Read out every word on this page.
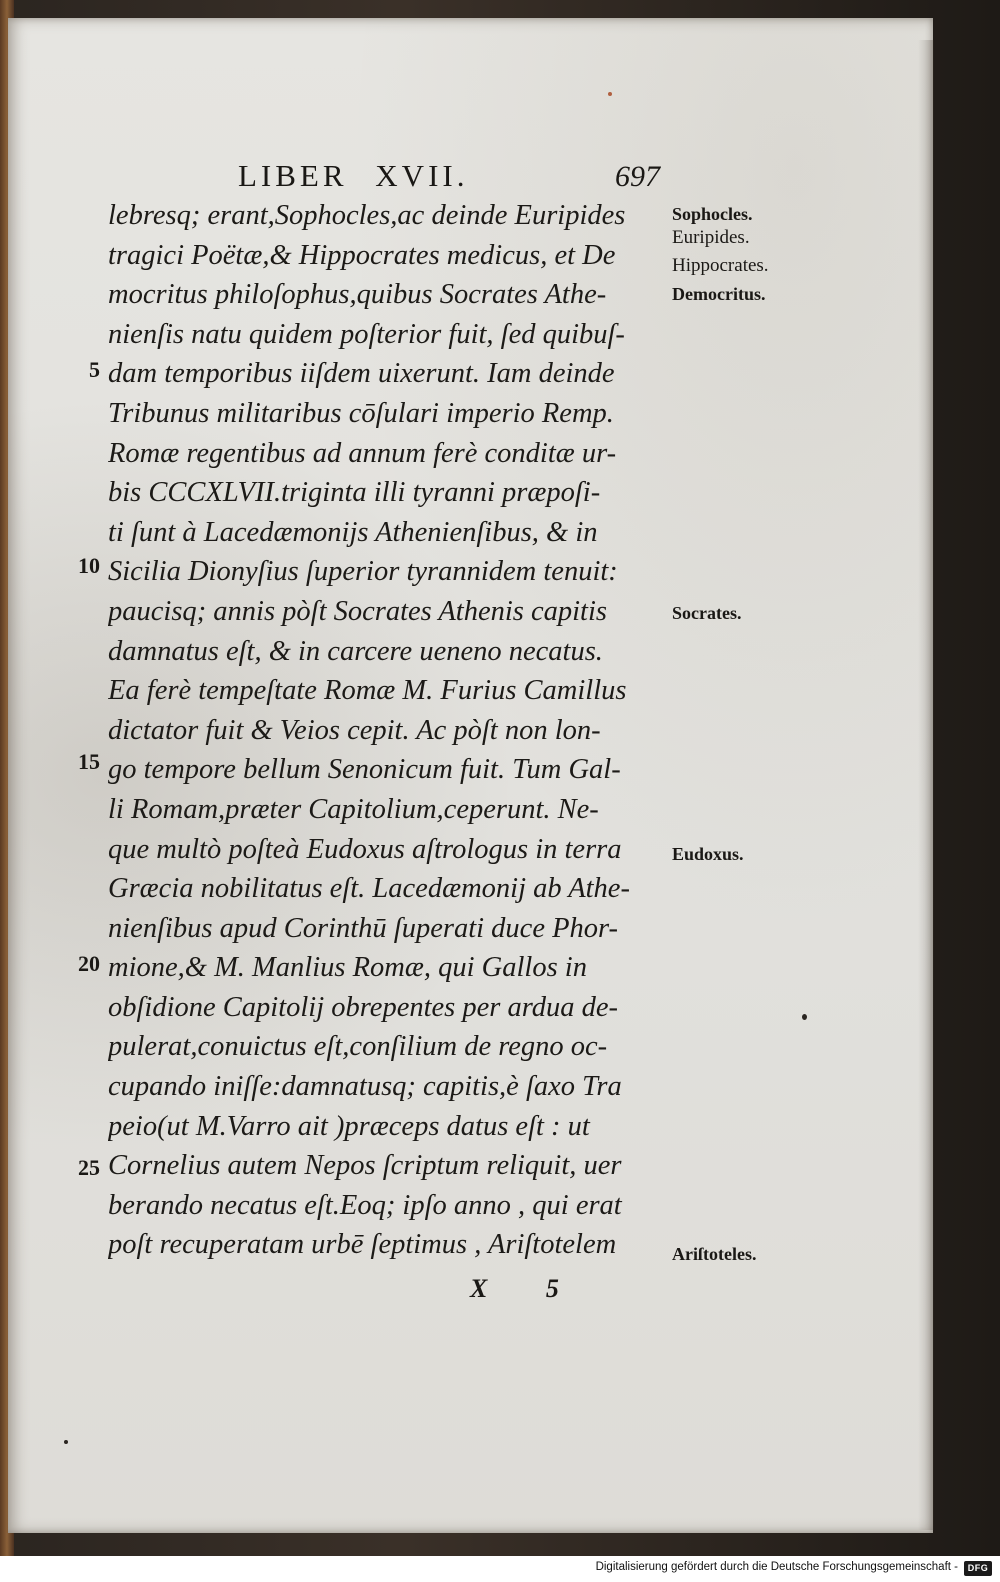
LIBER XVII.	697
lebresq; erant,Sophocles,ac deinde Euripides
tragici Poëtæ,& Hippocrates medicus, et De
mocritus philoſophus,quibus Socrates Athe-
nienſis natu quidem poſterior fuit, ſed quibuſ-
dam temporibus iiſdem uixerunt. Iam deinde
Tribunus militaribus cōſulari imperio Remp.
Romæ regentibus ad annum ferè conditæ ur-
bis CCCXLVII.triginta illi tyranni præpoſi-
ti ſunt à Lacedæmonijs Athenienſibus, & in
Sicilia Dionyſius ſuperior tyrannidem tenuit:
paucisq; annis pòſt Socrates Athenis capitis
damnatus eſt, & in carcere ueneno necatus.
Ea ferè tempeſtate Romæ M. Furius Camillus
dictator fuit & Veios cepit. Ac pòſt non lon-
go tempore bellum Senonicum fuit. Tum Gal-
li Romam,præter Capitolium,ceperunt. Ne-
que multò poſteà Eudoxus aſtrologus in terra
Græcia nobilitatus eſt. Lacedæmonij ab Athe-
nienſibus apud Corinthū ſuperati duce Phor-
mione,& M. Manlius Romæ, qui Gallos in
obſidione Capitolij obrepentes per ardua de-
pulerat,conuictus eſt,conſilium de regno oc-
cupando iniſſe:damnatusq; capitis,è ſaxo Tra
peio(ut M.Varro ait )præceps datus eſt : ut
Cornelius autem Nepos ſcriptum reliquit, uer
berando necatus eſt.Eoq; ipſo anno , qui erat
poſt recuperatam urbē ſeptimus , Ariſtotelem
5
10
15
20
25
Sophocles.
Euripides.
Hippocrates.
Democritus.
Socrates.
Eudoxus.
Ariſtoteles.
X 5
Digitalisierung gefördert durch die Deutsche Forschungsgemeinschaft -	DFG
